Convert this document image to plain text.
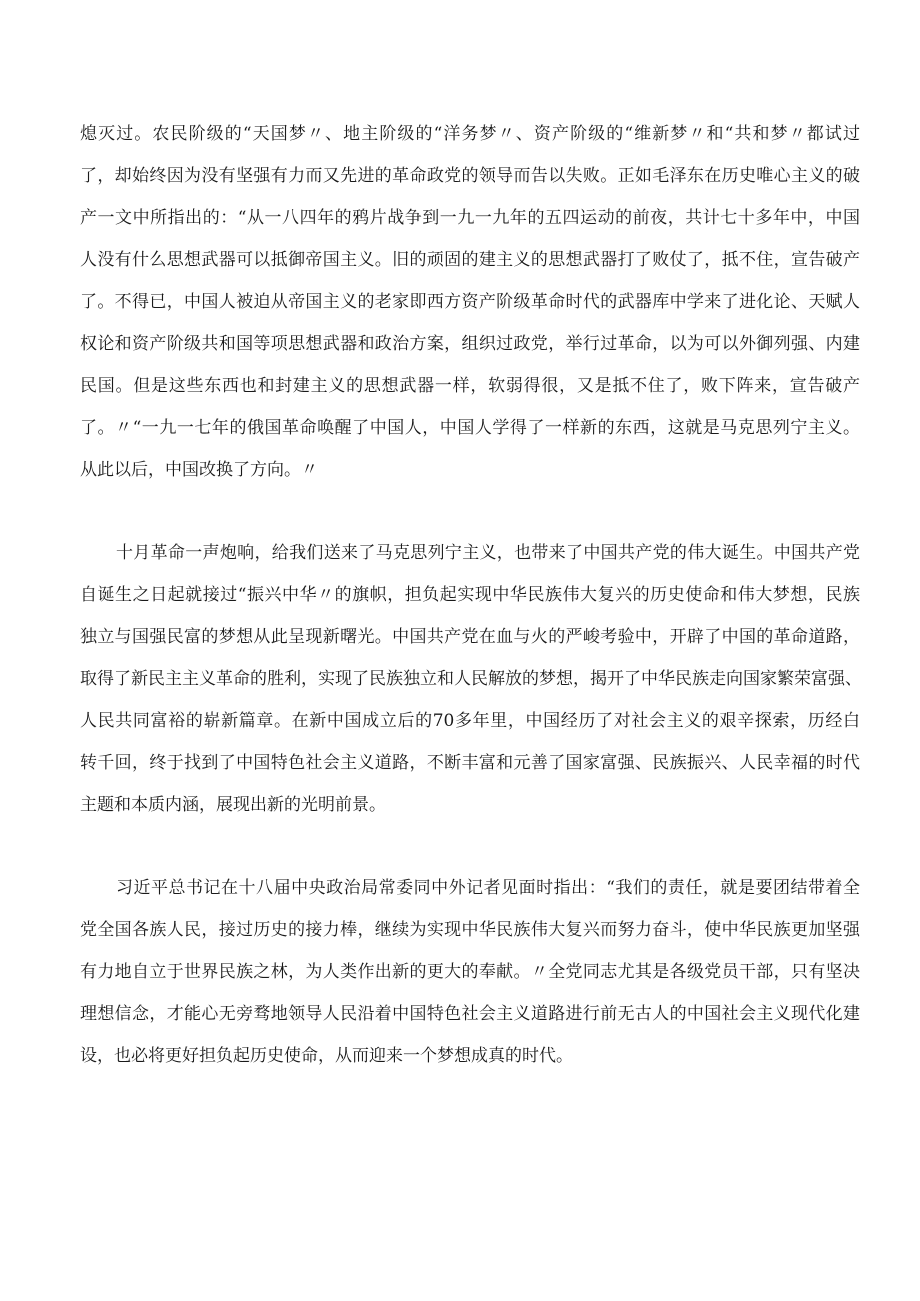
熄灭过。农民阶级的“天国梦〃、地主阶级的“洋务梦〃、资产阶级的“维新梦〃和“共和梦〃都试过
了，却始终因为没有坚强有力而又先进的革命政党的领导而告以失败。正如毛泽东在历史唯心主义的破
产一文中所指出的：“从一八四年的鸦片战争到一九一九年的五四运动的前夜，共计七十多年中，中国
人没有什么思想武器可以抵御帝国主义。旧的顽固的建主义的思想武器打了败仗了，抵不住，宣告破产
了。不得已，中国人被迫从帝国主义的老家即西方资产阶级革命时代的武器库中学来了进化论、天赋人
权论和资产阶级共和国等项思想武器和政治方案，组织过政党，举行过革命，以为可以外御列强、内建
民国。但是这些东西也和封建主义的思想武器一样，软弱得很，又是抵不住了，败下阵来，宣告破产
了。〃“一九一七年的俄国革命唤醒了中国人，中国人学得了一样新的东西，这就是马克思列宁主义。
从此以后，中国改换了方向。〃
十月革命一声炮响，给我们送来了马克思列宁主义，也带来了中国共产党的伟大诞生。中国共产党
自诞生之日起就接过“振兴中华〃的旗帜，担负起实现中华民族伟大复兴的历史使命和伟大梦想，民族
独立与国强民富的梦想从此呈现新曙光。中国共产党在血与火的严峻考验中，开辟了中国的革命道路，
取得了新民主主义革命的胜利，实现了民族独立和人民解放的梦想，揭开了中华民族走向国家繁荣富强、
人民共同富裕的崭新篇章。在新中国成立后的70多年里，中国经历了对社会主义的艰辛探索，历经白
转千回，终于找到了中国特色社会主义道路，不断丰富和元善了国家富强、民族振兴、人民幸福的时代
主题和本质内涵，展现出新的光明前景。
习近平总书记在十八届中央政治局常委同中外记者见面时指出：“我们的责任，就是要团结带着全
党全国各族人民，接过历史的接力棒，继续为实现中华民族伟大复兴而努力奋斗，使中华民族更加坚强
有力地自立于世界民族之林，为人类作出新的更大的奉献。〃全党同志尤其是各级党员干部，只有坚决
理想信念，才能心无旁骛地领导人民沿着中国特色社会主义道路进行前无古人的中国社会主义现代化建
设，也必将更好担负起历史使命，从而迎来一个梦想成真的时代。
